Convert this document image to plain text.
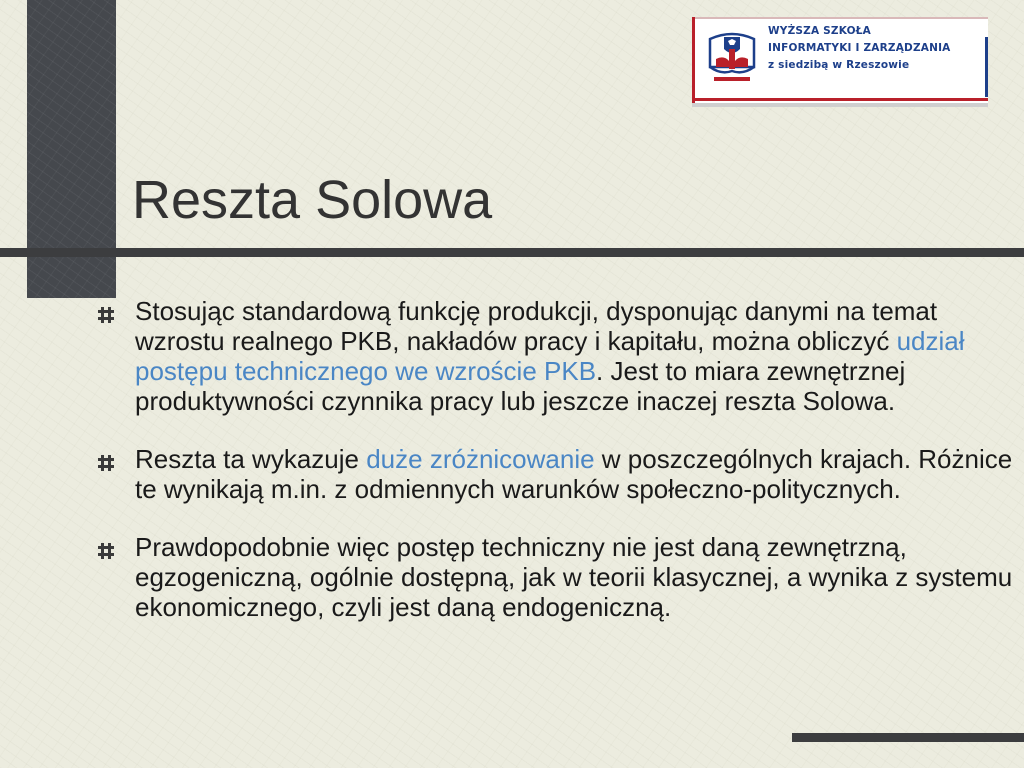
WYŻSZA SZKOŁA
INFORMATYKI I ZARZĄDZANIA
z siedzibą w Rzeszowie
Reszta Solowa
Stosując standardową funkcję produkcji, dysponując danymi na temat wzrostu realnego PKB, nakładów pracy i kapitału, można obliczyć udział postępu technicznego we wzroście PKB. Jest to miara zewnętrznej produktywności czynnika pracy lub jeszcze inaczej reszta Solowa.
Reszta ta wykazuje duże zróżnicowanie w poszczególnych krajach. Różnice te wynikają m.in. z odmiennych warunków społeczno-politycznych.
Prawdopodobnie więc postęp techniczny nie jest daną zewnętrzną, egzogeniczną, ogólnie dostępną, jak w teorii klasycznej, a wynika z systemu ekonomicznego, czyli jest daną endogeniczną.
